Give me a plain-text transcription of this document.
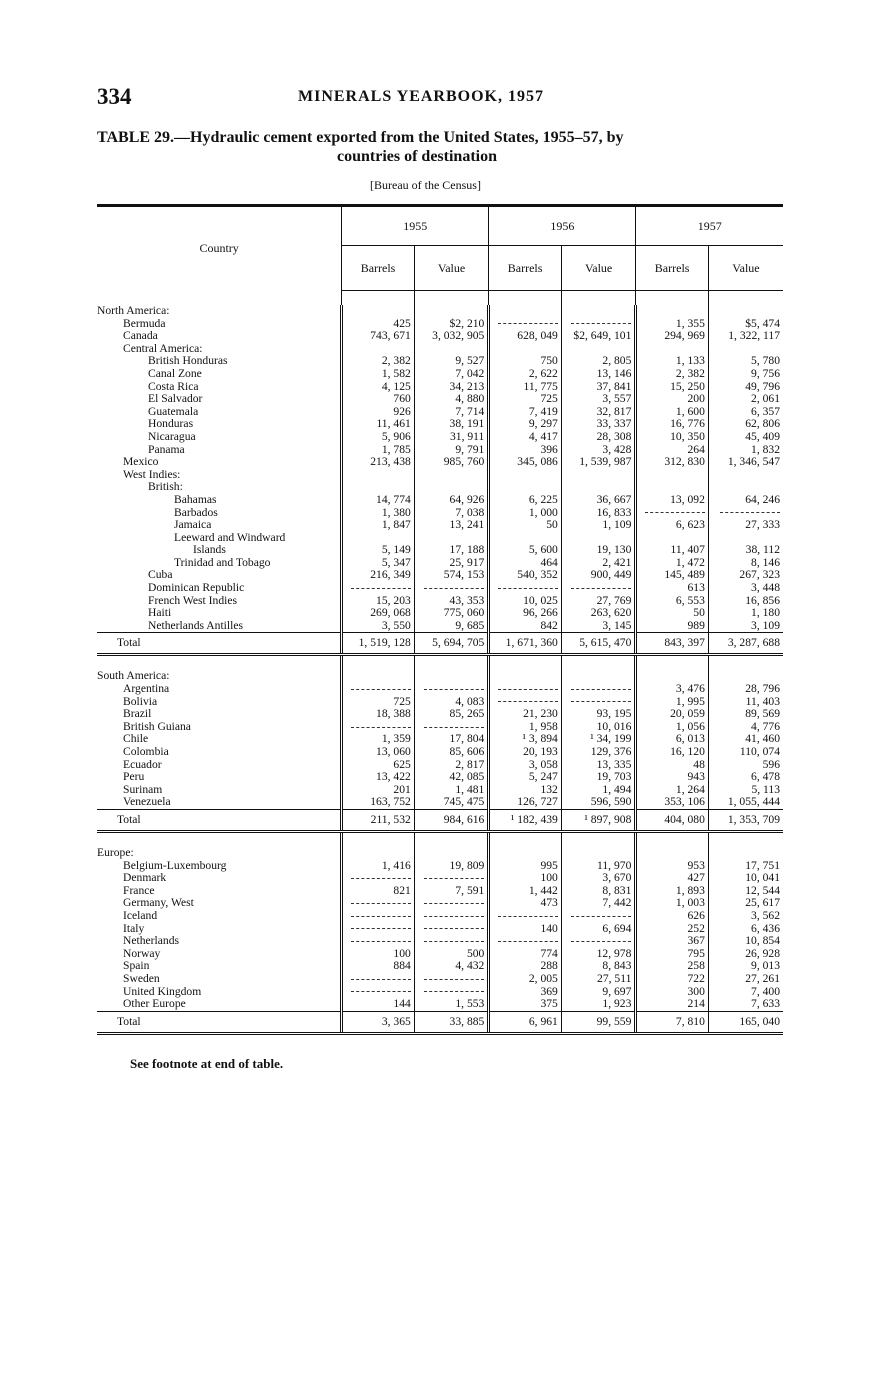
334	MINERALS YEARBOOK, 1957
TABLE 29.—Hydraulic cement exported from the United States, 1955–57, by
countries of destination
[Bureau of the Census]
Country	1955		1956		1957	
	Barrels	Value	Barrels	Value	Barrels	Value

North America:						
Bermuda	425	$2, 210			1, 355	$5, 474
Canada	743, 671	3, 032, 905	628, 049	$2, 649, 101	294, 969	1, 322, 117
Central America:						
British Honduras	2, 382	9, 527	750	2, 805	1, 133	5, 780
Canal Zone	1, 582	7, 042	2, 622	13, 146	2, 382	9, 756
Costa Rica	4, 125	34, 213	11, 775	37, 841	15, 250	49, 796
El Salvador	760	4, 880	725	3, 557	200	2, 061
Guatemala	926	7, 714	7, 419	32, 817	1, 600	6, 357
Honduras	11, 461	38, 191	9, 297	33, 337	16, 776	62, 806
Nicaragua	5, 906	31, 911	4, 417	28, 308	10, 350	45, 409
Panama	1, 785	9, 791	396	3, 428	264	1, 832
Mexico	213, 438	985, 760	345, 086	1, 539, 987	312, 830	1, 346, 547
West Indies:						
British:						
Bahamas	14, 774	64, 926	6, 225	36, 667	13, 092	64, 246
Barbados	1, 380	7, 038	1, 000	16, 833		
Jamaica	1, 847	13, 241	50	1, 109	6, 623	27, 333
Leeward and Windward						
Islands	5, 149	17, 188	5, 600	19, 130	11, 407	38, 112
Trinidad and Tobago	5, 347	25, 917	464	2, 421	1, 472	8, 146
Cuba	216, 349	574, 153	540, 352	900, 449	145, 489	267, 323
Dominican Republic					613	3, 448
French West Indies	15, 203	43, 353	10, 025	27, 769	6, 553	16, 856
Haiti	269, 068	775, 060	96, 266	263, 620	50	1, 180
Netherlands Antilles	3, 550	9, 685	842	3, 145	989	3, 109
Total	1, 519, 128	5, 694, 705	1, 671, 360	5, 615, 470	843, 397	3, 287, 688

South America:						
Argentina					3, 476	28, 796
Bolivia	725	4, 083			1, 995	11, 403
Brazil	18, 388	85, 265	21, 230	93, 195	20, 059	89, 569
British Guiana			1, 958	10, 016	1, 056	4, 776
Chile	1, 359	17, 804	¹ 3, 894	¹ 34, 199	6, 013	41, 460
Colombia	13, 060	85, 606	20, 193	129, 376	16, 120	110, 074
Ecuador	625	2, 817	3, 058	13, 335	48	596
Peru	13, 422	42, 085	5, 247	19, 703	943	6, 478
Surinam	201	1, 481	132	1, 494	1, 264	5, 113
Venezuela	163, 752	745, 475	126, 727	596, 590	353, 106	1, 055, 444
Total	211, 532	984, 616	¹ 182, 439	¹ 897, 908	404, 080	1, 353, 709

Europe:						
Belgium-Luxembourg	1, 416	19, 809	995	11, 970	953	17, 751
Denmark			100	3, 670	427	10, 041
France	821	7, 591	1, 442	8, 831	1, 893	12, 544
Germany, West			473	7, 442	1, 003	25, 617
Iceland					626	3, 562
Italy			140	6, 694	252	6, 436
Netherlands					367	10, 854
Norway	100	500	774	12, 978	795	26, 928
Spain	884	4, 432	288	8, 843	258	9, 013
Sweden			2, 005	27, 511	722	27, 261
United Kingdom			369	9, 697	300	7, 400
Other Europe	144	1, 553	375	1, 923	214	7, 633
Total	3, 365	33, 885	6, 961	99, 559	7, 810	165, 040
See footnote at end of table.
